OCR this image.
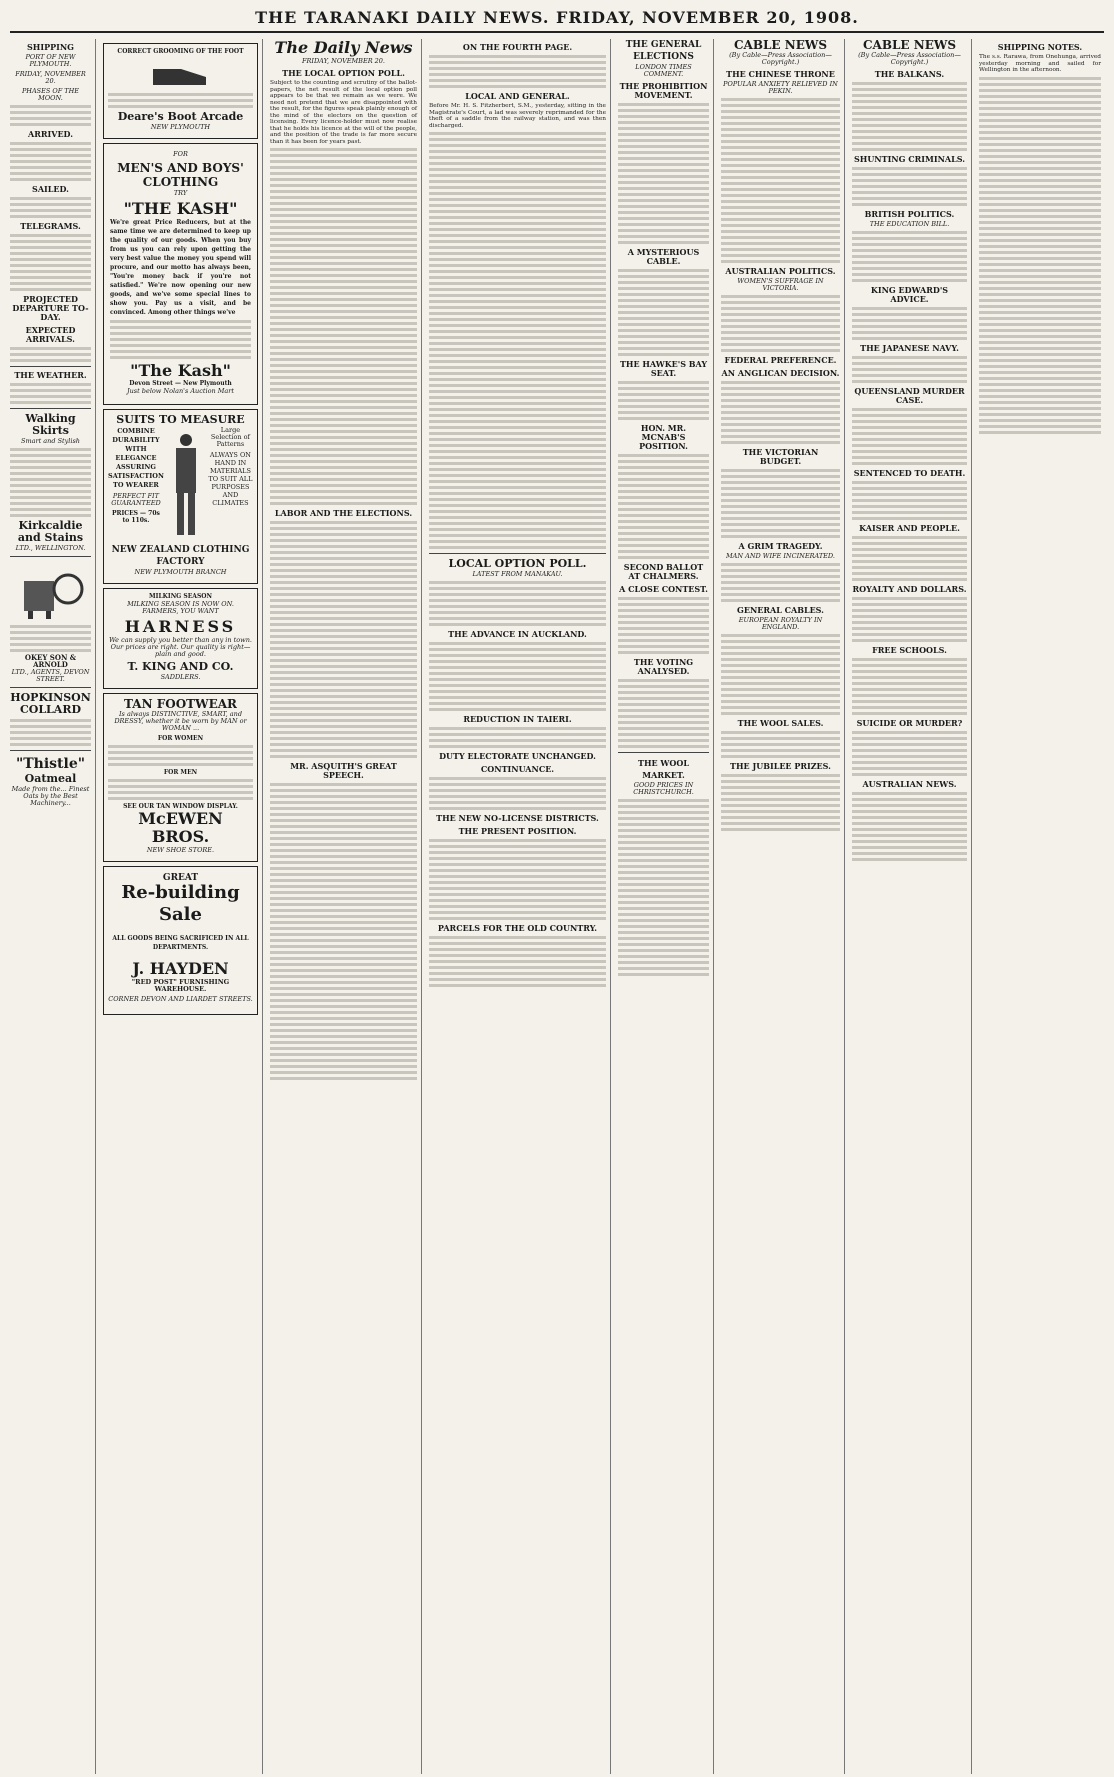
THE TARANAKI DAILY NEWS. FRIDAY, NOVEMBER 20, 1908.
SHIPPING
PORT OF NEW PLYMOUTH.
FRIDAY, NOVEMBER 20.
PHASES OF THE MOON.
ARRIVED.
SAILED.
TELEGRAMS.
PROJECTED DEPARTURE TO-DAY.
EXPECTED ARRIVALS.
THE WEATHER.
Walking Skirts
Smart and Stylish
Kirkcaldie and Stains
LTD., WELLINGTON.
OKEY SON & ARNOLD
LTD., AGENTS, DEVON STREET.
HOPKINSON COLLARD
"Thistle"
Oatmeal
Made from the... Finest Oats by the Best Machinery...
CORRECT GROOMING OF THE FOOT
Deare's Boot Arcade
NEW PLYMOUTH
FOR
MEN'S AND BOYS' CLOTHING
TRY
"THE KASH"
We're great Price Reducers, but at the same time we are determined to keep up the quality of our goods. When you buy from us you can rely upon getting the very best value the money you spend will procure, and our motto has always been, "You're money back if you're not satisfied." We're now opening our new goods, and we've some special lines to show you. Pay us a visit, and be convinced. Among other things we've
"The Kash"
Devon Street — New Plymouth
Just below Nolan's Auction Mart
SUITS TO MEASURE
COMBINE DURABILITY WITH ELEGANCE ASSURING SATISFACTION TO WEARER
PERFECT FIT GUARANTEED
PRICES — 70s to 110s.
Large Selection of Patterns
ALWAYS ON HAND IN MATERIALS TO SUIT ALL PURPOSES AND CLIMATES
NEW ZEALAND CLOTHING FACTORY
NEW PLYMOUTH BRANCH
MILKING SEASON
MILKING SEASON IS NOW ON. FARMERS, YOU WANT
HARNESS
We can supply you better than any in town. Our prices are right. Our quality is right—plain and good.
T. KING AND CO.
SADDLERS.
TAN FOOTWEAR
Is always DISTINCTIVE, SMART, and DRESSY, whether it be worn by MAN or WOMAN ...
FOR WOMEN
FOR MEN
SEE OUR TAN WINDOW DISPLAY.
McEWEN BROS.
NEW SHOE STORE.
GREAT
Re-building Sale
ALL GOODS BEING SACRIFICED IN ALL DEPARTMENTS.
J. HAYDEN
"RED POST" FURNISHING WAREHOUSE.
CORNER DEVON AND LIARDET STREETS.
The Daily News
FRIDAY, NOVEMBER 20.
THE LOCAL OPTION POLL.
Subject to the counting and scrutiny of the ballot-papers, the net result of the local option poll appears to be that we remain as we were. We need not pretend that we are disappointed with the result, for the figures speak plainly enough of the mind of the electors on the question of licensing. Every licence-holder must now realise that he holds his licence at the will of the people, and the position of the trade is far more secure than it has been for years past.
LABOR AND THE ELECTIONS.
MR. ASQUITH'S GREAT SPEECH.
ON THE FOURTH PAGE.
LOCAL AND GENERAL.
Before Mr. H. S. Fitzherbert, S.M., yesterday, sitting in the Magistrate's Court, a lad was severely reprimanded for the theft of a saddle from the railway station, and was then discharged.
LOCAL OPTION POLL.
LATEST FROM MANAKAU.
THE ADVANCE IN AUCKLAND.
REDUCTION IN TAIERI.
DUTY ELECTORATE UNCHANGED.
CONTINUANCE.
THE NEW NO-LICENSE DISTRICTS.
THE PRESENT POSITION.
PARCELS FOR THE OLD COUNTRY.
THE GENERAL ELECTIONS
LONDON TIMES COMMENT.
THE PROHIBITION MOVEMENT.
A MYSTERIOUS CABLE.
THE HAWKE'S BAY SEAT.
HON. MR. MCNAB'S POSITION.
SECOND BALLOT AT CHALMERS.
A CLOSE CONTEST.
THE VOTING ANALYSED.
THE WOOL MARKET.
GOOD PRICES IN CHRISTCHURCH.
CABLE NEWS
(By Cable—Press Association—Copyright.)
THE CHINESE THRONE
POPULAR ANXIETY RELIEVED IN PEKIN.
AUSTRALIAN POLITICS.
WOMEN'S SUFFRAGE IN VICTORIA.
FEDERAL PREFERENCE.
AN ANGLICAN DECISION.
THE VICTORIAN BUDGET.
A GRIM TRAGEDY.
MAN AND WIFE INCINERATED.
GENERAL CABLES.
EUROPEAN ROYALTY IN ENGLAND.
THE WOOL SALES.
THE JUBILEE PRIZES.
CABLE NEWS
(By Cable—Press Association—Copyright.)
THE BALKANS.
SHUNTING CRIMINALS.
BRITISH POLITICS.
THE EDUCATION BILL.
KING EDWARD'S ADVICE.
THE JAPANESE NAVY.
QUEENSLAND MURDER CASE.
SENTENCED TO DEATH.
KAISER AND PEOPLE.
ROYALTY AND DOLLARS.
FREE SCHOOLS.
SUICIDE OR MURDER?
AUSTRALIAN NEWS.
SHIPPING NOTES.
The s.s. Rarawa, from Onehunga, arrived yesterday morning and sailed for Wellington in the afternoon.
